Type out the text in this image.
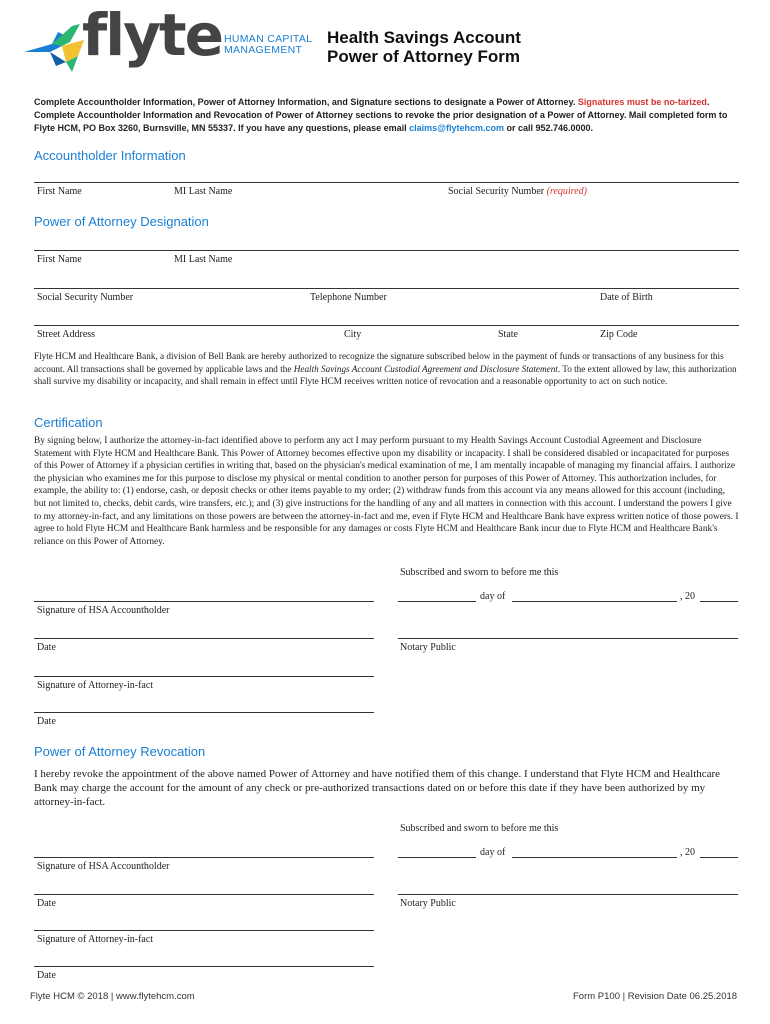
flyte HUMAN CAPITAL
MANAGEMENT
Health Savings Account
Power of Attorney Form
Complete Accountholder Information, Power of Attorney Information, and Signature sections to designate a Power of Attorney. Signatures must be no-tarized. Complete Accountholder Information and Revocation of Power of Attorney sections to revoke the prior designation of a Power of Attorney. Mail completed form to Flyte HCM, PO Box 3260, Burnsville, MN 55337. If you have any questions, please email claims@flytehcm.com or call 952.746.0000.
Accountholder Information
First Name	MI Last Name	Social Security Number (required)
Power of Attorney Designation
First Name	MI Last Name
Social Security Number	Telephone Number	Date of Birth
Street Address	City	State	Zip Code
Flyte HCM and Healthcare Bank, a division of Bell Bank are hereby authorized to recognize the signature subscribed below in the payment of funds or transactions of any business for this account. All transactions shall be governed by applicable laws and the Health Savings Account Custodial Agreement and Disclosure Statement. To the extent allowed by law, this authorization shall survive my disability or incapacity, and shall remain in effect until Flyte HCM receives written notice of revocation and a reasonable opportunity to act on such notice.
Certification
By signing below, I authorize the attorney-in-fact identified above to perform any act I may perform pursuant to my Health Savings Account Custodial Agreement and Disclosure Statement with Flyte HCM and Healthcare Bank. This Power of Attorney becomes effective upon my disability or incapacity. I shall be considered disabled or incapacitated for purposes of this Power of Attorney if a physician certifies in writing that, based on the physician's medical examination of me, I am mentally incapable of managing my financial affairs. I authorize the physician who examines me for this purpose to disclose my physical or mental condition to another person for purposes of this Power of Attorney. This authorization includes, for example, the ability to: (1) endorse, cash, or deposit checks or other items payable to my order; (2) withdraw funds from this account via any means allowed for this account (including, but not limited to, checks, debit cards, wire transfers, etc.); and (3) give instructions for the handling of any and all matters in connection with this account. I understand the powers I give to my attorney-in-fact, and any limitations on those powers are between the attorney-in-fact and me, even if Flyte HCM and Healthcare Bank have express written notice of those powers. I agree to hold Flyte HCM and Healthcare Bank harmless and be responsible for any damages or costs Flyte HCM and Healthcare Bank incur due to Flyte HCM and Healthcare Bank's reliance on this Power of Attorney.
Subscribed and sworn to before me this
day of	, 20
Signature of HSA Accountholder
Date	Notary Public
Signature of Attorney-in-fact
Date
Power of Attorney Revocation
I hereby revoke the appointment of the above named Power of Attorney and have notified them of this change. I understand that Flyte HCM and Healthcare Bank may charge the account for the amount of any check or pre-authorized transactions dated on or before this date if they have been authorized by my attorney-in-fact.
Subscribed and sworn to before me this
day of	, 20
Signature of HSA Accountholder
Date	Notary Public
Signature of Attorney-in-fact
Date
Flyte HCM © 2018 | www.flytehcm.com	Form P100 | Revision Date 06.25.2018
